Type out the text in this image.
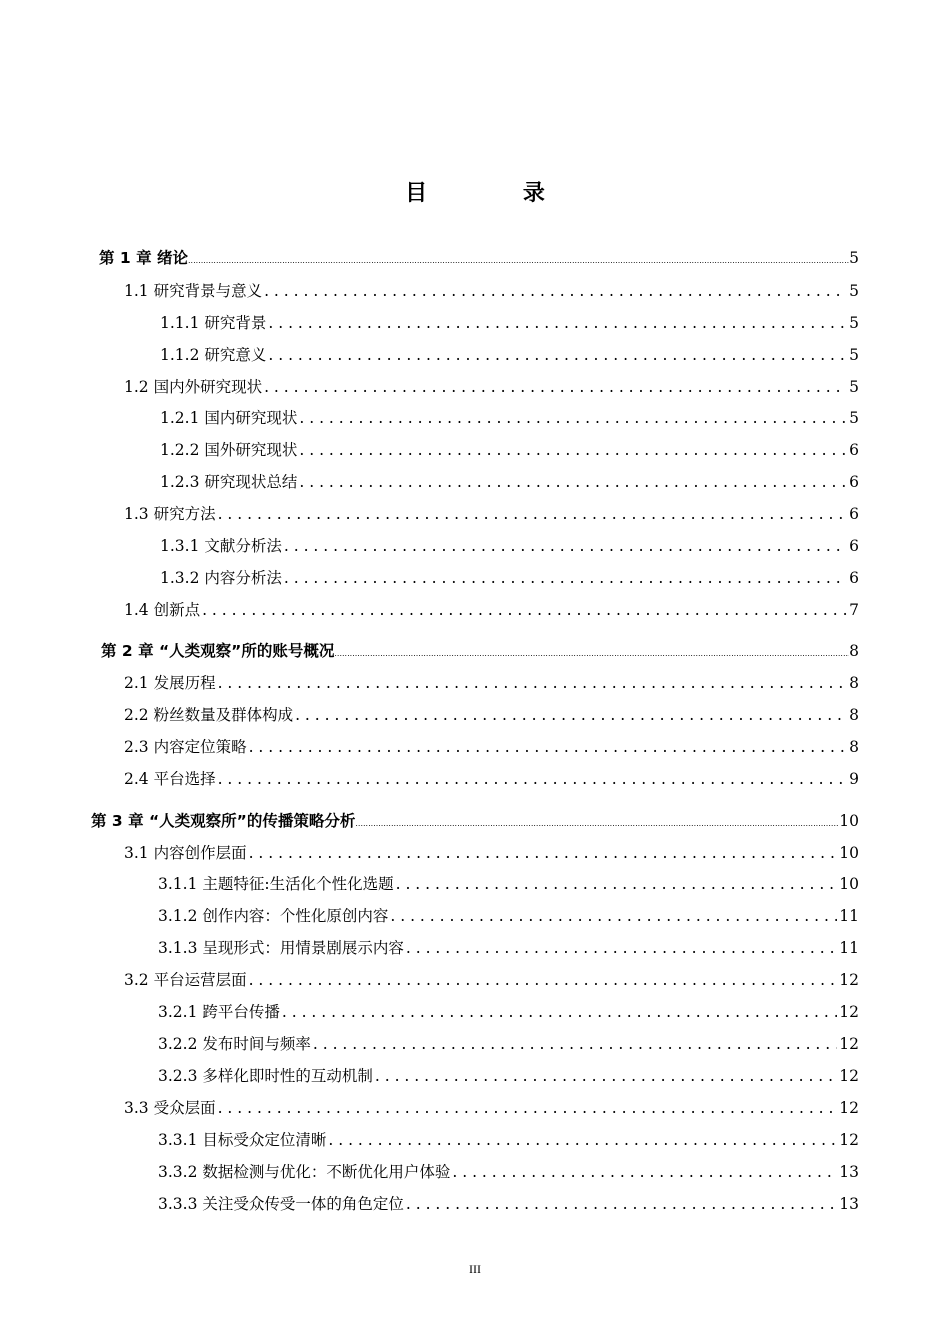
目 录
第 1 章 绪论 .....	5
1.1 研究背景与意义 . . .	5
1.1.1 研究背景 . . .	5
1.1.2 研究意义 . . .	5
1.2 国内外研究现状 . . .	5
1.2.1 国内研究现状 . . .	5
1.2.2 国外研究现状 . . .	6
1.2.3 研究现状总结 . . .	6
1.3 研究方法 . . .	6
1.3.1 文献分析法 . . .	6
1.3.2 内容分析法 . . .	6
1.4 创新点 . . .	7
第 2 章 “人类观察”所的账号概况 .....	8
2.1 发展历程 . . .	8
2.2 粉丝数量及群体构成 . . .	8
2.3 内容定位策略 . . .	8
2.4 平台选择 . . .	9
第 3 章 “人类观察所”的传播策略分析 .....	10
3.1 内容创作层面 . . .	10
3.1.1 主题特征:生活化个性化选题 . . .	10
3.1.2 创作内容：个性化原创内容 . . .	11
3.1.3 呈现形式：用情景剧展示内容 . . .	11
3.2 平台运营层面 . . .	12
3.2.1 跨平台传播 . . .	12
3.2.2 发布时间与频率 . . .	12
3.2.3 多样化即时性的互动机制 . . .	12
3.3 受众层面 . . .	12
3.3.1 目标受众定位清晰 . . .	12
3.3.2 数据检测与优化：不断优化用户体验 . . .	13
3.3.3 关注受众传受一体的角色定位 . . .	13
III
